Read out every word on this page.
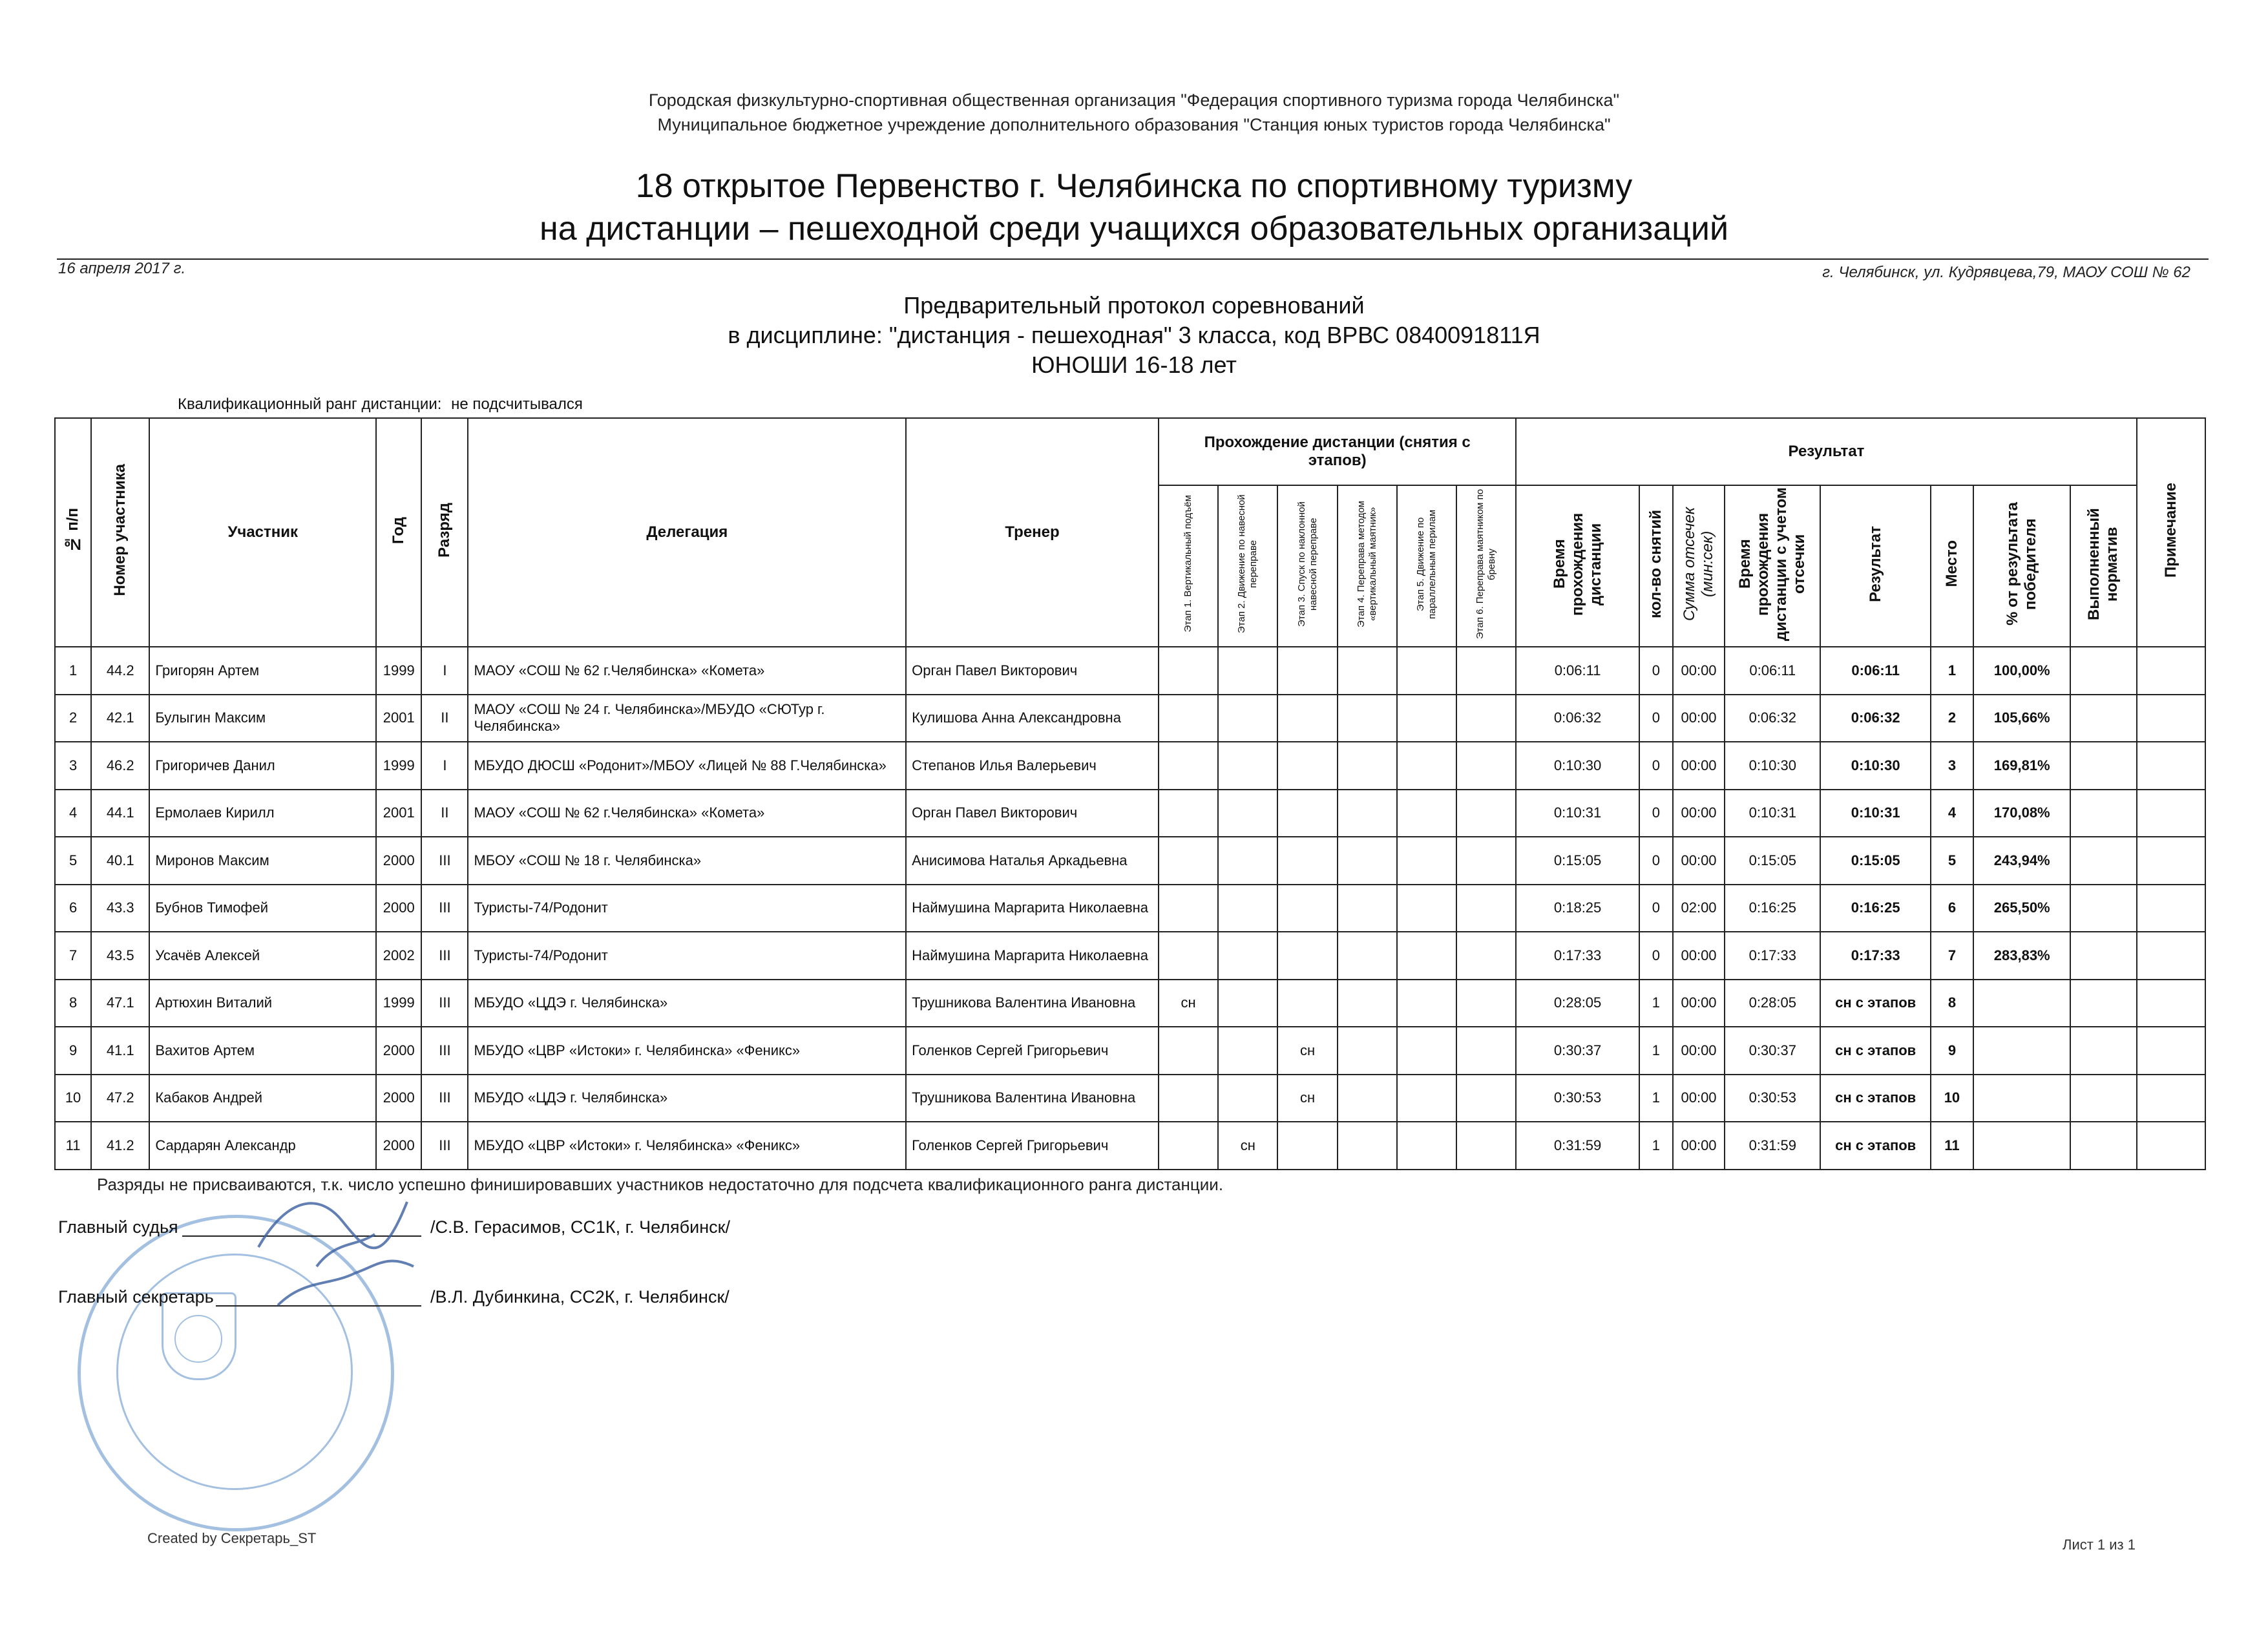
Городская физкультурно-спортивная общественная организация "Федерация спортивного туризма города Челябинска"
Муниципальное бюджетное учреждение дополнительного образования "Станция юных туристов города Челябинска"
18 открытое Первенство г. Челябинска по спортивному туризму
на дистанции – пешеходной среди учащихся образовательных организаций
16 апреля 2017 г.	г. Челябинск, ул. Кудрявцева,79, МАОУ СОШ № 62
Предварительный протокол соревнований
в дисциплине: "дистанция - пешеходная" 3 класса, код ВРВС 0840091811Я
ЮНОШИ 16-18 лет
Квалификационный ранг дистанции: не подсчитывался
№ п/п	Номер участника	Участник	Год	Разряд	Делегация	Тренер	Прохождение дистанции (снятия с этапов)						Результат								Примечание
							Этап 1. Вертикальный подъём	Этап 2. Движение по навесной переправе	Этап 3. Спуск по наклонной навесной переправе	Этап 4. Переправа методом «вертикальный маятник»	Этап 5. Движение по параллельным перилам	Этап 6. Переправа маятником по бревну	Время прохождения дистанции	кол-во снятий	Сумма отсечек (мин:сек)	Время прохождения дистанции с учетом отсечки	Результат	Место	% от результата победителя	Выполненный норматив	
1	44.2	Григорян Артем	1999	I	МАОУ «СОШ № 62 г.Челябинска» «Комета»	Орган Павел Викторович							0:06:11	0	00:00	0:06:11	0:06:11	1	100,00%		
2	42.1	Булыгин Максим	2001	II	МАОУ «СОШ № 24 г. Челябинска»/МБУДО «СЮТур г. Челябинска»	Кулишова Анна Александровна							0:06:32	0	00:00	0:06:32	0:06:32	2	105,66%		
3	46.2	Григоричев Данил	1999	I	МБУДО ДЮСШ «Родонит»/МБОУ «Лицей № 88 Г.Челябинска»	Степанов Илья Валерьевич							0:10:30	0	00:00	0:10:30	0:10:30	3	169,81%		
4	44.1	Ермолаев Кирилл	2001	II	МАОУ «СОШ № 62 г.Челябинска» «Комета»	Орган Павел Викторович							0:10:31	0	00:00	0:10:31	0:10:31	4	170,08%		
5	40.1	Миронов Максим	2000	III	МБОУ «СОШ № 18 г. Челябинска»	Анисимова Наталья Аркадьевна							0:15:05	0	00:00	0:15:05	0:15:05	5	243,94%		
6	43.3	Бубнов Тимофей	2000	III	Туристы-74/Родонит	Наймушина Маргарита Николаевна							0:18:25	0	02:00	0:16:25	0:16:25	6	265,50%		
7	43.5	Усачёв Алексей	2002	III	Туристы-74/Родонит	Наймушина Маргарита Николаевна							0:17:33	0	00:00	0:17:33	0:17:33	7	283,83%		
8	47.1	Артюхин Виталий	1999	III	МБУДО «ЦДЭ г. Челябинска»	Трушникова Валентина Ивановна	сн						0:28:05	1	00:00	0:28:05	сн с этапов	8			
9	41.1	Вахитов Артем	2000	III	МБУДО «ЦВР «Истоки» г. Челябинска» «Феникс»	Голенков Сергей Григорьевич			сн				0:30:37	1	00:00	0:30:37	сн с этапов	9			
10	47.2	Кабаков Андрей	2000	III	МБУДО «ЦДЭ г. Челябинска»	Трушникова Валентина Ивановна			сн				0:30:53	1	00:00	0:30:53	сн с этапов	10			
11	41.2	Сардарян Александр	2000	III	МБУДО «ЦВР «Истоки» г. Челябинска» «Феникс»	Голенков Сергей Григорьевич		сн					0:31:59	1	00:00	0:31:59	сн с этапов	11			
Разряды не присваиваются, т.к. число успешно финишировавших участников недостаточно для подсчета квалификационного ранга дистанции.
Главный судья	/С.В. Герасимов, СС1К, г. Челябинск/
Главный секретарь	/В.Л. Дубинкина, СС2К, г. Челябинск/
Created by Секретарь_ST	Лист 1 из 1
